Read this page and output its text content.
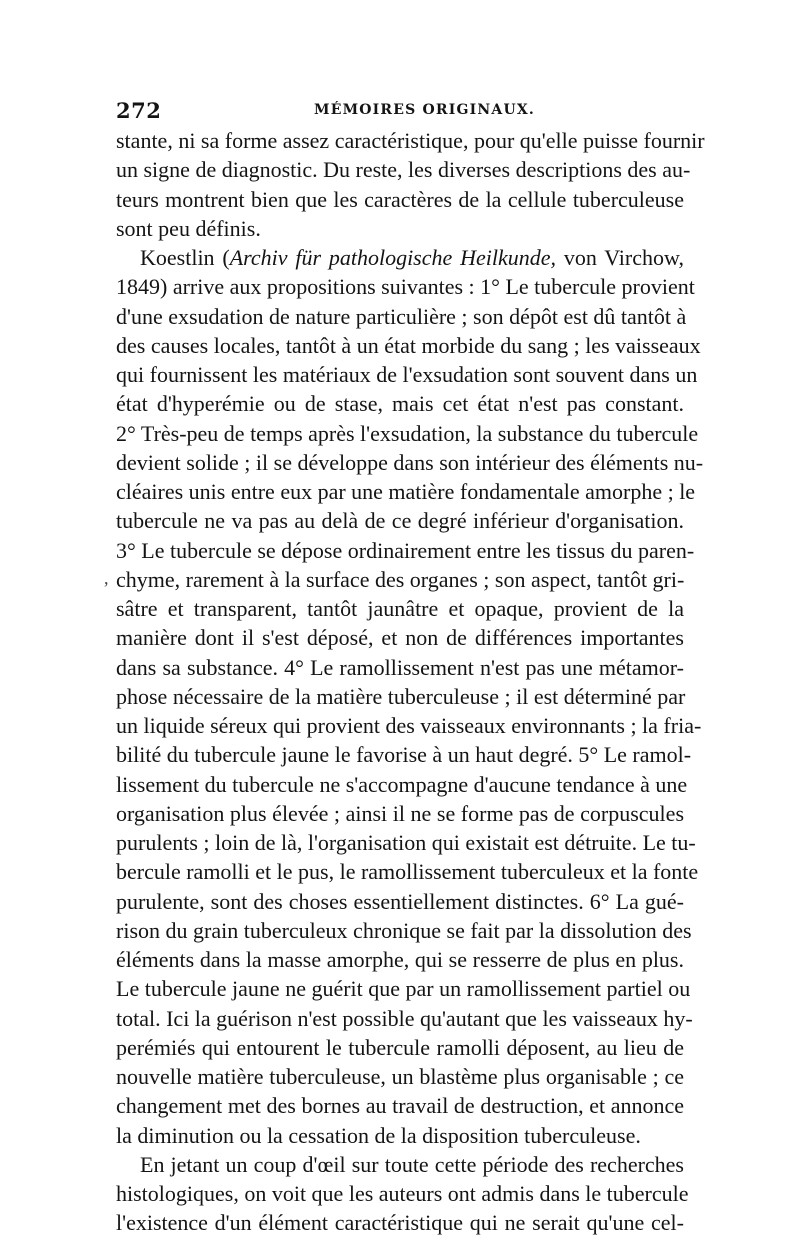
272	MÉMOIRES ORIGINAUX.
,
stante, ni sa forme assez caractéristique, pour qu'elle puisse fournir
un signe de diagnostic. Du reste, les diverses descriptions des au-
teurs montrent bien que les caractères de la cellule tuberculeuse
sont peu définis.
Koestlin (Archiv für pathologische Heilkunde, von Virchow,
1849) arrive aux propositions suivantes : 1° Le tubercule provient
d'une exsudation de nature particulière ; son dépôt est dû tantôt à
des causes locales, tantôt à un état morbide du sang ; les vaisseaux
qui fournissent les matériaux de l'exsudation sont souvent dans un
état d'hyperémie ou de stase, mais cet état n'est pas constant.
2° Très-peu de temps après l'exsudation, la substance du tubercule
devient solide ; il se développe dans son intérieur des éléments nu-
cléaires unis entre eux par une matière fondamentale amorphe ; le
tubercule ne va pas au delà de ce degré inférieur d'organisation.
3° Le tubercule se dépose ordinairement entre les tissus du paren-
chyme, rarement à la surface des organes ; son aspect, tantôt gri-
sâtre et transparent, tantôt jaunâtre et opaque, provient de la
manière dont il s'est déposé, et non de différences importantes
dans sa substance. 4° Le ramollissement n'est pas une métamor-
phose nécessaire de la matière tuberculeuse ; il est déterminé par
un liquide séreux qui provient des vaisseaux environnants ; la fria-
bilité du tubercule jaune le favorise à un haut degré. 5° Le ramol-
lissement du tubercule ne s'accompagne d'aucune tendance à une
organisation plus élevée ; ainsi il ne se forme pas de corpuscules
purulents ; loin de là, l'organisation qui existait est détruite. Le tu-
bercule ramolli et le pus, le ramollissement tuberculeux et la fonte
purulente, sont des choses essentiellement distinctes. 6° La gué-
rison du grain tuberculeux chronique se fait par la dissolution des
éléments dans la masse amorphe, qui se resserre de plus en plus.
Le tubercule jaune ne guérit que par un ramollissement partiel ou
total. Ici la guérison n'est possible qu'autant que les vaisseaux hy-
perémiés qui entourent le tubercule ramolli déposent, au lieu de
nouvelle matière tuberculeuse, un blastème plus organisable ; ce
changement met des bornes au travail de destruction, et annonce
la diminution ou la cessation de la disposition tuberculeuse.
En jetant un coup d'œil sur toute cette période des recherches
histologiques, on voit que les auteurs ont admis dans le tubercule
l'existence d'un élément caractéristique qui ne serait qu'une cel-
